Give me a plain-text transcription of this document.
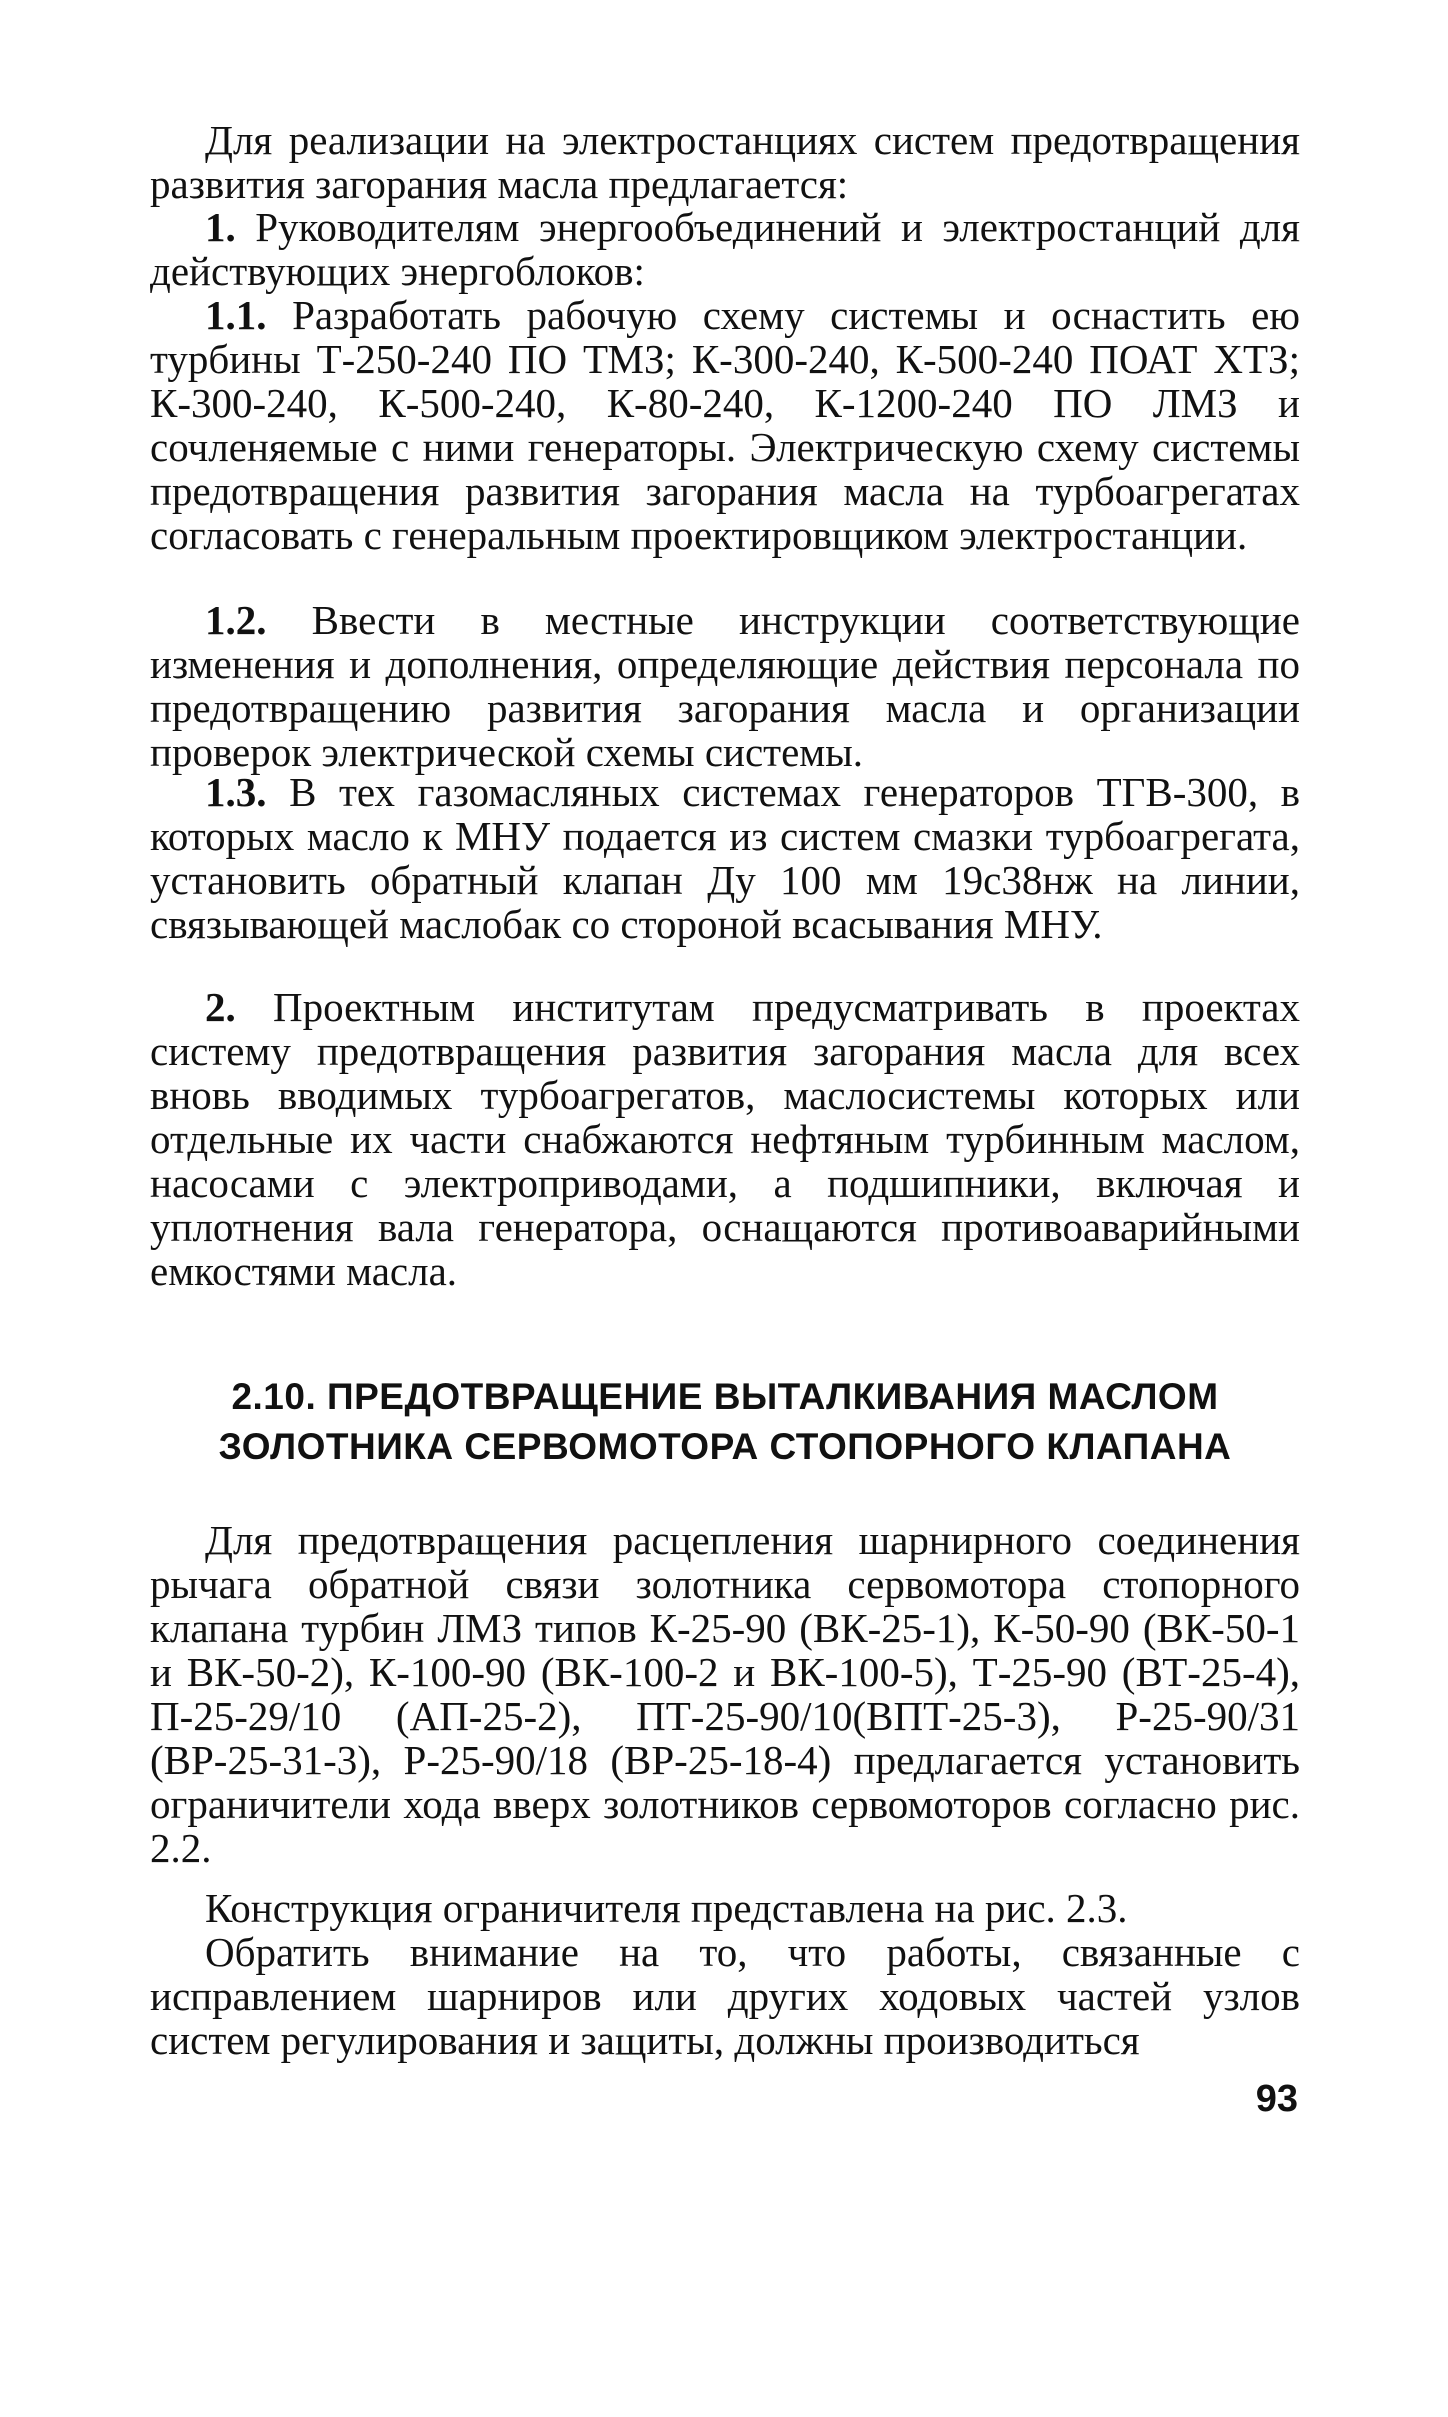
Для реализации на электростанциях систем предотвращения развития загорания масла предлагается:

1. Руководителям энергообъединений и электростанций для действующих энергоблоков:

1.1. Разработать рабочую схему системы и оснастить ею турбины Т-250-240 ПО ТМЗ; К-300-240, К-500-240 ПОАТ ХТЗ; К-300-240, К-500-240, К-80-240, К-1200-240 ПО ЛМЗ и сочленяемые с ними генераторы. Электрическую схему системы предотвращения развития загорания масла на турбоагрегатах согласовать с генеральным проектировщиком электростанции.

1.2. Ввести в местные инструкции соответствующие изменения и дополнения, определяющие действия персонала по предотвращению развития загорания масла и организации проверок электрической схемы системы.

1.3. В тех газомасляных системах генераторов ТГВ-300, в которых масло к МНУ подается из систем смазки турбоагрегата, установить обратный клапан Дy 100 мм 19с38нж на линии, связывающей маслобак со стороной всасывания МНУ.

2. Проектным институтам предусматривать в проектах систему предотвращения развития загорания масла для всех вновь вводимых турбоагрегатов, маслосистемы которых или отдельные их части снабжаются нефтяным турбинным маслом, насосами с электроприводами, а подшипники, включая и уплотнения вала генератора, оснащаются противоаварийными емкостями масла.

2.10. ПРЕДОТВРАЩЕНИЕ ВЫТАЛКИВАНИЯ МАСЛОМ ЗОЛОТНИКА СЕРВОМОТОРА СТОПОРНОГО КЛАПАНА

Для предотвращения расцепления шарнирного соединения рычага обратной связи золотника сервомотора стопорного клапана турбин ЛМЗ типов К-25-90 (ВК-25-1), К-50-90 (ВК-50-1 и ВК-50-2), К-100-90 (ВК-100-2 и ВК-100-5), Т-25-90 (ВТ-25-4), П-25-29/10 (АП-25-2), ПТ-25-90/10(ВПТ-25-3), Р-25-90/31 (ВР-25-31-3), Р-25-90/18 (ВР-25-18-4) предлагается установить ограничители хода вверх золотников сервомоторов согласно рис. 2.2.

Конструкция ограничителя представлена на рис. 2.3.

Обратить внимание на то, что работы, связанные с исправлением шарниров или других ходовых частей узлов систем регулирования и защиты, должны производиться

93
